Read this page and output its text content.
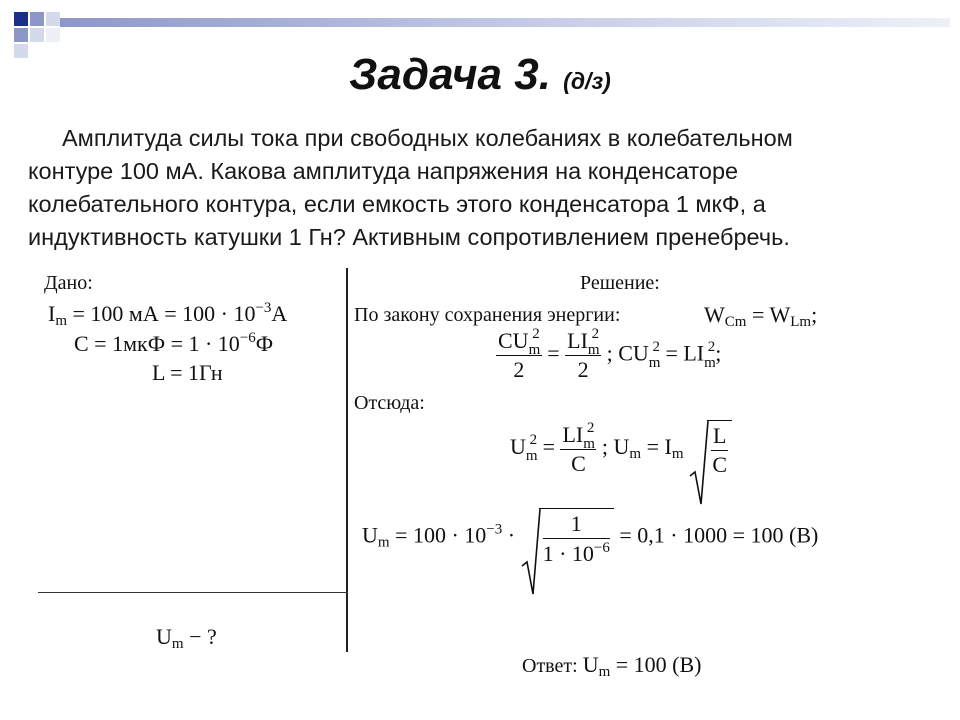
Задача 3. (д/з)
Амплитуда силы тока при свободных колебаниях в колебательном
контуре 100 мА. Какова амплитуда напряжения на конденсаторе
колебательного контура, если емкость этого конденсатора 1 мкФ, а
индуктивность катушки 1 Гн? Активным сопротивлением пренебречь.
Дано:
$I_m = 100$ мА = $100 \cdot 10^{-3}А$
$C = 1мкФ = 1 \cdot 10^{-6}Ф$
L = 1Гн
$U_m$ − ?
Решение:
По закону сохранения энергии:	$W_{Cm} = W_{Lm}$;
$\frac{CU_m^2}{2} = \frac{LI_m^2}{2}$ ; $CU_m^2 = LI_m^2$;
Отсюда:
$U_m^2 = \frac{LI_m^2}{C}$ ; $U_m = I_m \frac{L}{C}$
$U_m = 100 \cdot 10^{-3} \cdot \frac{1}{1 \cdot 10^{-6}} = 0,1 \cdot 1000 = 100$ (В)
Ответ: $U_m = 100$ (В)
